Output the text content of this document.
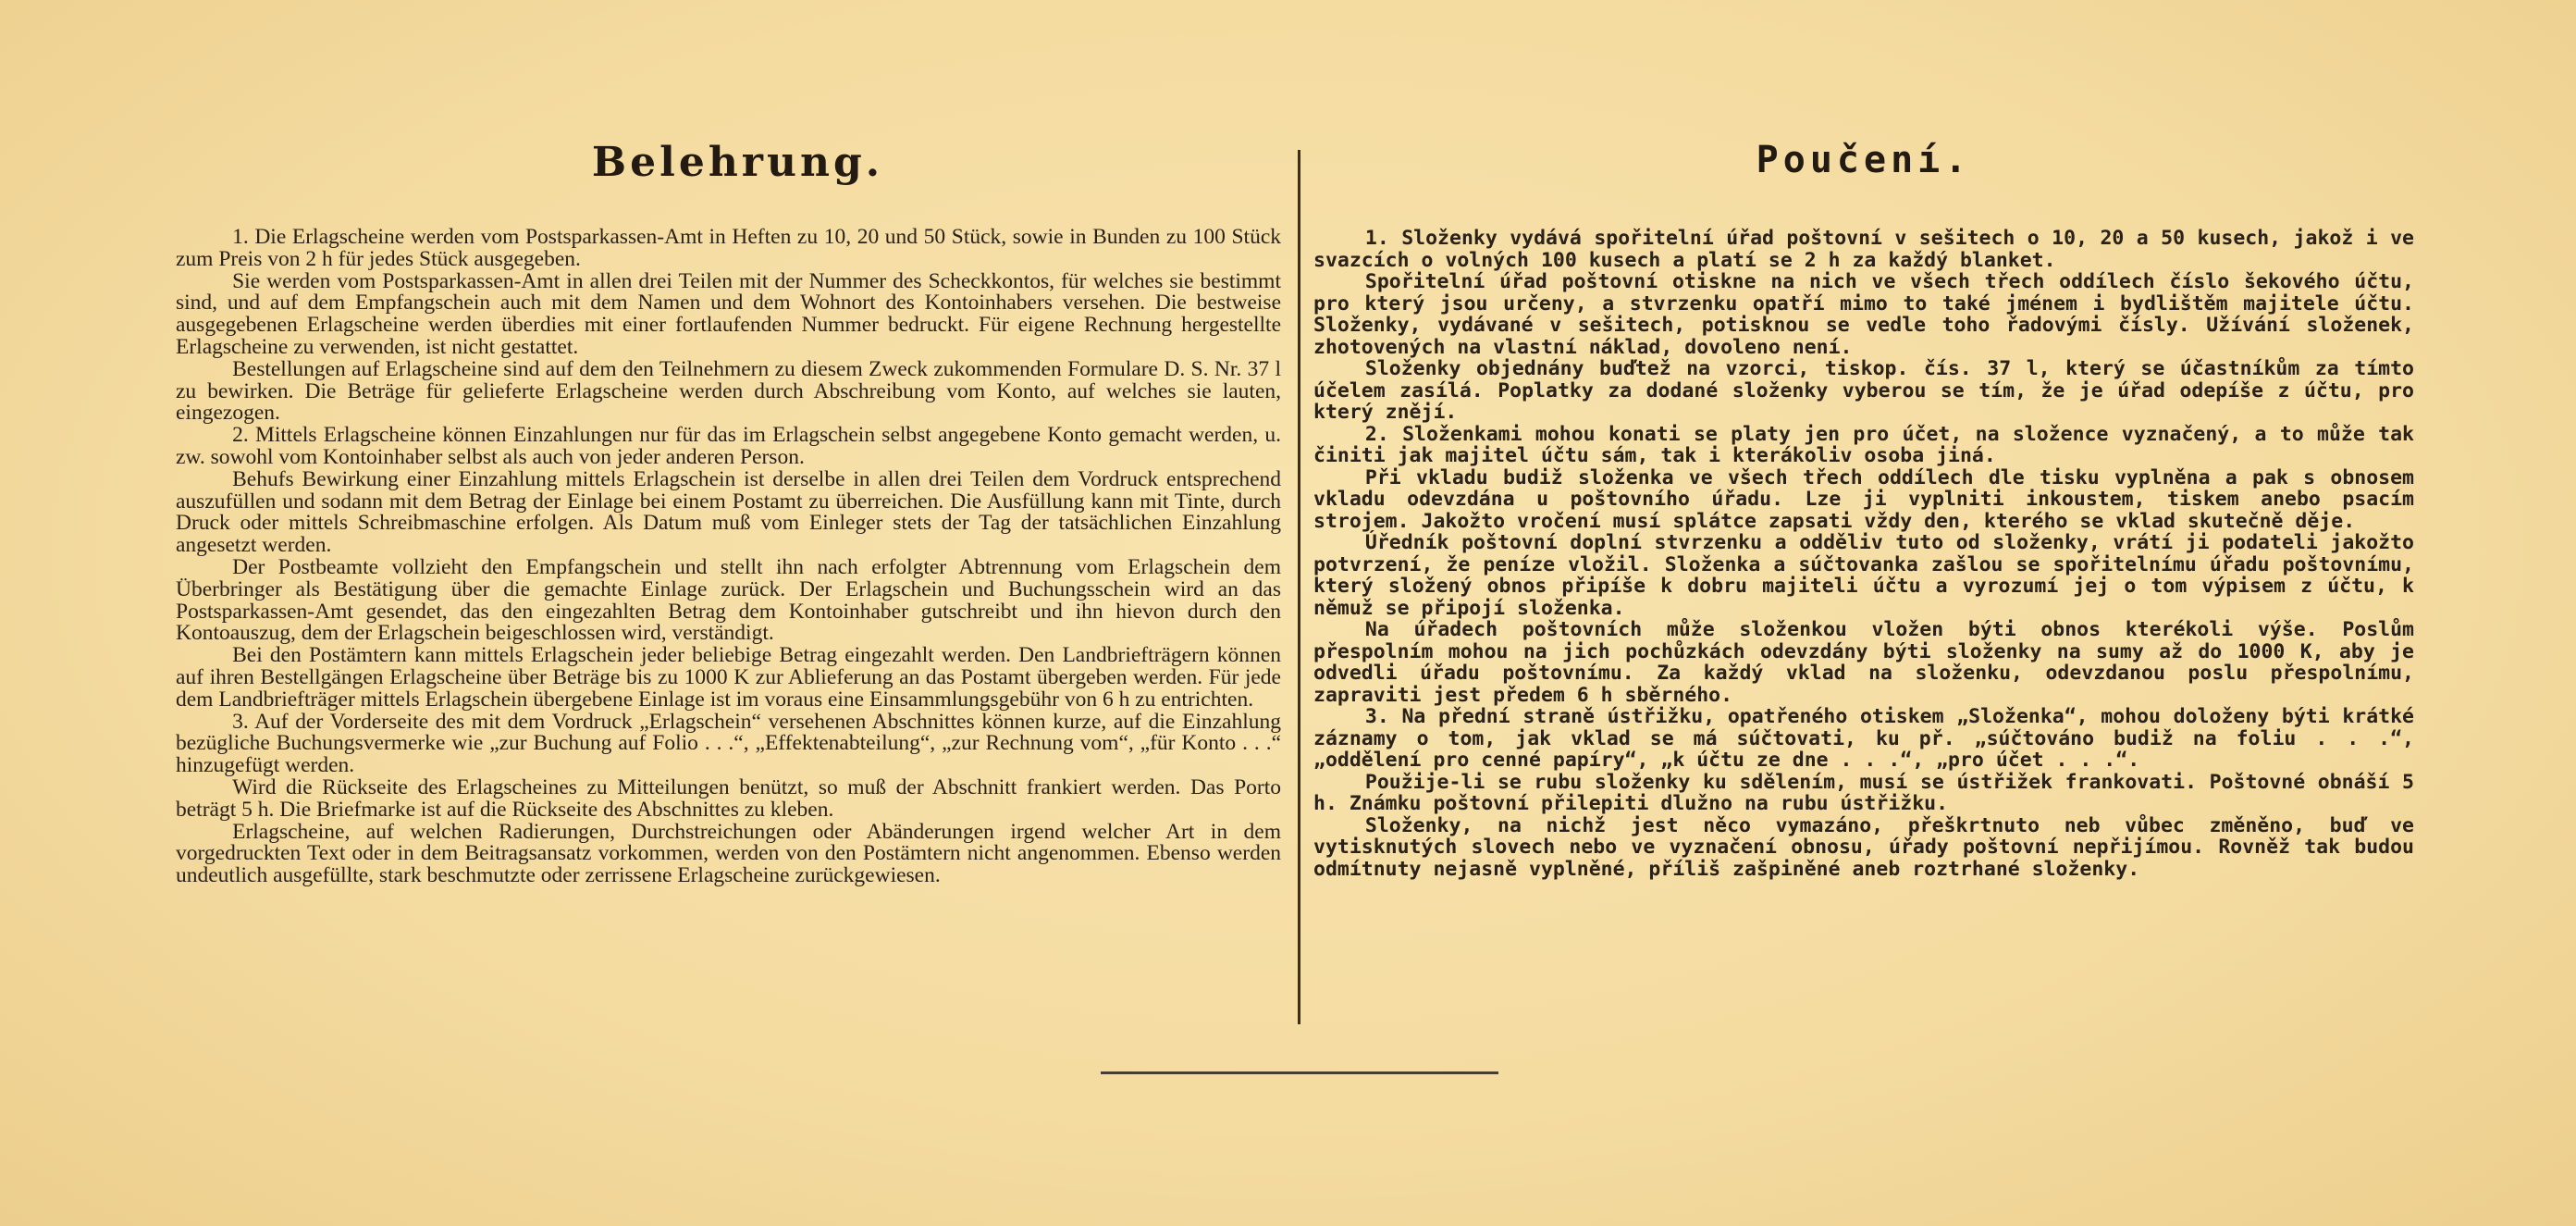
Belehrung.

1. Die Erlagscheine werden vom Postsparkassen-Amt in Heften zu 10, 20 und 50 Stück, sowie in Bunden zu 100 Stück zum Preis von 2 h für jedes Stück ausgegeben.

Sie werden vom Postsparkassen-Amt in allen drei Teilen mit der Nummer des Scheckkontos, für welches sie bestimmt sind, und auf dem Empfangschein auch mit dem Namen und dem Wohnort des Kontoinhabers versehen. Die bestweise ausgegebenen Erlagscheine werden überdies mit einer fortlaufenden Nummer bedruckt. Für eigene Rechnung hergestellte Erlagscheine zu verwenden, ist nicht gestattet.

Bestellungen auf Erlagscheine sind auf dem den Teilnehmern zu diesem Zweck zukommenden Formulare D. S. Nr. 37 l zu bewirken. Die Beträge für gelieferte Erlagscheine werden durch Abschreibung vom Konto, auf welches sie lauten, eingezogen.

2. Mittels Erlagscheine können Einzahlungen nur für das im Erlagschein selbst angegebene Konto gemacht werden, u. zw. sowohl vom Kontoinhaber selbst als auch von jeder anderen Person.

Behufs Bewirkung einer Einzahlung mittels Erlagschein ist derselbe in allen drei Teilen dem Vordruck entsprechend auszufüllen und sodann mit dem Betrag der Einlage bei einem Postamt zu überreichen. Die Ausfüllung kann mit Tinte, durch Druck oder mittels Schreibmaschine erfolgen. Als Datum muß vom Einleger stets der Tag der tatsächlichen Einzahlung angesetzt werden.

Der Postbeamte vollzieht den Empfangschein und stellt ihn nach erfolgter Abtrennung vom Erlagschein dem Überbringer als Bestätigung über die gemachte Einlage zurück. Der Erlagschein und Buchungsschein wird an das Postsparkassen-Amt gesendet, das den eingezahlten Betrag dem Kontoinhaber gutschreibt und ihn hievon durch den Kontoauszug, dem der Erlagschein beigeschlossen wird, verständigt.

Bei den Postämtern kann mittels Erlagschein jeder beliebige Betrag eingezahlt werden. Den Landbriefträgern können auf ihren Bestellgängen Erlagscheine über Beträge bis zu 1000 K zur Ablieferung an das Postamt übergeben werden. Für jede dem Landbriefträger mittels Erlagschein übergebene Einlage ist im voraus eine Einsammlungsgebühr von 6 h zu entrichten.

3. Auf der Vorderseite des mit dem Vordruck „Erlagschein“ versehenen Abschnittes können kurze, auf die Einzahlung bezügliche Buchungsvermerke wie „zur Buchung auf Folio . . .“, „Effektenabteilung“, „zur Rechnung vom“, „für Konto . . .“ hinzugefügt werden.

Wird die Rückseite des Erlagscheines zu Mitteilungen benützt, so muß der Abschnitt frankiert werden. Das Porto beträgt 5 h. Die Briefmarke ist auf die Rückseite des Abschnittes zu kleben.

Erlagscheine, auf welchen Radierungen, Durchstreichungen oder Abänderungen irgend welcher Art in dem vorgedruckten Text oder in dem Beitragsansatz vorkommen, werden von den Postämtern nicht angenommen. Ebenso werden undeutlich ausgefüllte, stark beschmutzte oder zerrissene Erlagscheine zurückgewiesen.

Poučení.

1. Složenky vydává spořitelní úřad poštovní v sešitech o 10, 20 a 50 kusech, jakož i ve svazcích o volných 100 kusech a platí se 2 h za každý blanket.

Spořitelní úřad poštovní otiskne na nich ve všech třech oddílech číslo šekového účtu, pro který jsou určeny, a stvrzenku opatří mimo to také jménem i bydlištěm majitele účtu. Složenky, vydávané v sešitech, potisknou se vedle toho řadovými čísly. Užívání složenek, zhotovených na vlastní náklad, dovoleno není.

Složenky objednány buďtež na vzorci, tiskop. čís. 37 l, který se účastníkům za tímto účelem zasílá. Poplatky za dodané složenky vyberou se tím, že je úřad odepíše z účtu, pro který znějí.

2. Složenkami mohou konati se platy jen pro účet, na složence vyznačený, a to může tak činiti jak majitel účtu sám, tak i kterákoliv osoba jiná.

Při vkladu budiž složenka ve všech třech oddílech dle tisku vyplněna a pak s obnosem vkladu odevzdána u poštovního úřadu. Lze ji vyplniti inkoustem, tiskem anebo psacím strojem. Jakožto vročení musí splátce zapsati vždy den, kterého se vklad skutečně děje.

Úředník poštovní doplní stvrzenku a odděliv tuto od složenky, vrátí ji podateli jakožto potvrzení, že peníze vložil. Složenka a súčtovanka zašlou se spořitelnímu úřadu poštovnímu, který složený obnos připíše k dobru majiteli účtu a vyrozumí jej o tom výpisem z účtu, k němuž se připojí složenka.

Na úřadech poštovních může složenkou vložen býti obnos kterékoli výše. Poslům přespolním mohou na jich pochůzkách odevzdány býti složenky na sumy až do 1000 K, aby je odvedli úřadu poštovnímu. Za každý vklad na složenku, odevzdanou poslu přespolnímu, zapraviti jest předem 6 h sběrného.

3. Na přední straně ústřižku, opatřeného otiskem „Složenka“, mohou doloženy býti krátké záznamy o tom, jak vklad se má súčtovati, ku př. „súčtováno budiž na foliu . . .“, „oddělení pro cenné papíry“, „k účtu ze dne . . .“, „pro účet . . .“.

Použije-li se rubu složenky ku sdělením, musí se ústřižek frankovati. Poštovné obnáší 5 h. Známku poštovní přilepiti dlužno na rubu ústřižku.

Složenky, na nichž jest něco vymazáno, přeškrtnuto neb vůbec změněno, buď ve vytisknutých slovech nebo ve vyznačení obnosu, úřady poštovní nepřijímou. Rovněž tak budou odmítnuty nejasně vyplněné, příliš zašpiněné aneb roztrhané složenky.
